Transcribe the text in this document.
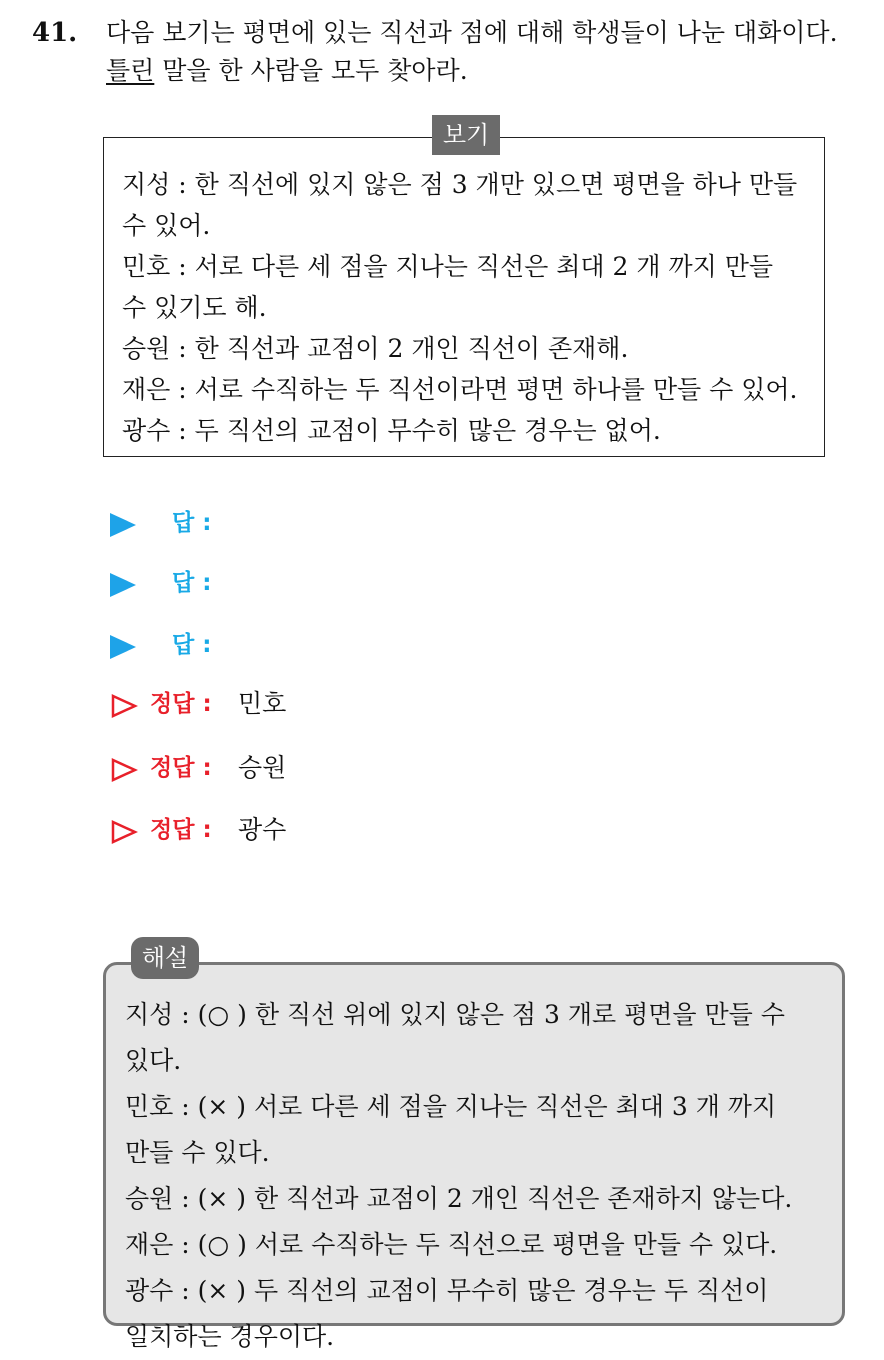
41. 다음 보기는 평면에 있는 직선과 점에 대해 학생들이 나눈 대화이다.
틀린 말을 한 사람을 모두 찾아라.
보기
지성 : 한 직선에 있지 않은 점 3 개만 있으면 평면을 하나 만들
수 있어.
민호 : 서로 다른 세 점을 지나는 직선은 최대 2 개 까지 만들
수 있기도 해.
승원 : 한 직선과 교점이 2 개인 직선이 존재해.
재은 : 서로 수직하는 두 직선이라면 평면 하나를 만들 수 있어.
광수 : 두 직선의 교점이 무수히 많은 경우는 없어.
답 :
답 :
답 :
정답 : 민호
정답 : 승원
정답 : 광수
해설
지성 : (○ ) 한 직선 위에 있지 않은 점 3 개로 평면을 만들 수
있다.
민호 : (× ) 서로 다른 세 점을 지나는 직선은 최대 3 개 까지
만들 수 있다.
승원 : (× ) 한 직선과 교점이 2 개인 직선은 존재하지 않는다.
재은 : (○ ) 서로 수직하는 두 직선으로 평면을 만들 수 있다.
광수 : (× ) 두 직선의 교점이 무수히 많은 경우는 두 직선이
일치하는 경우이다.
